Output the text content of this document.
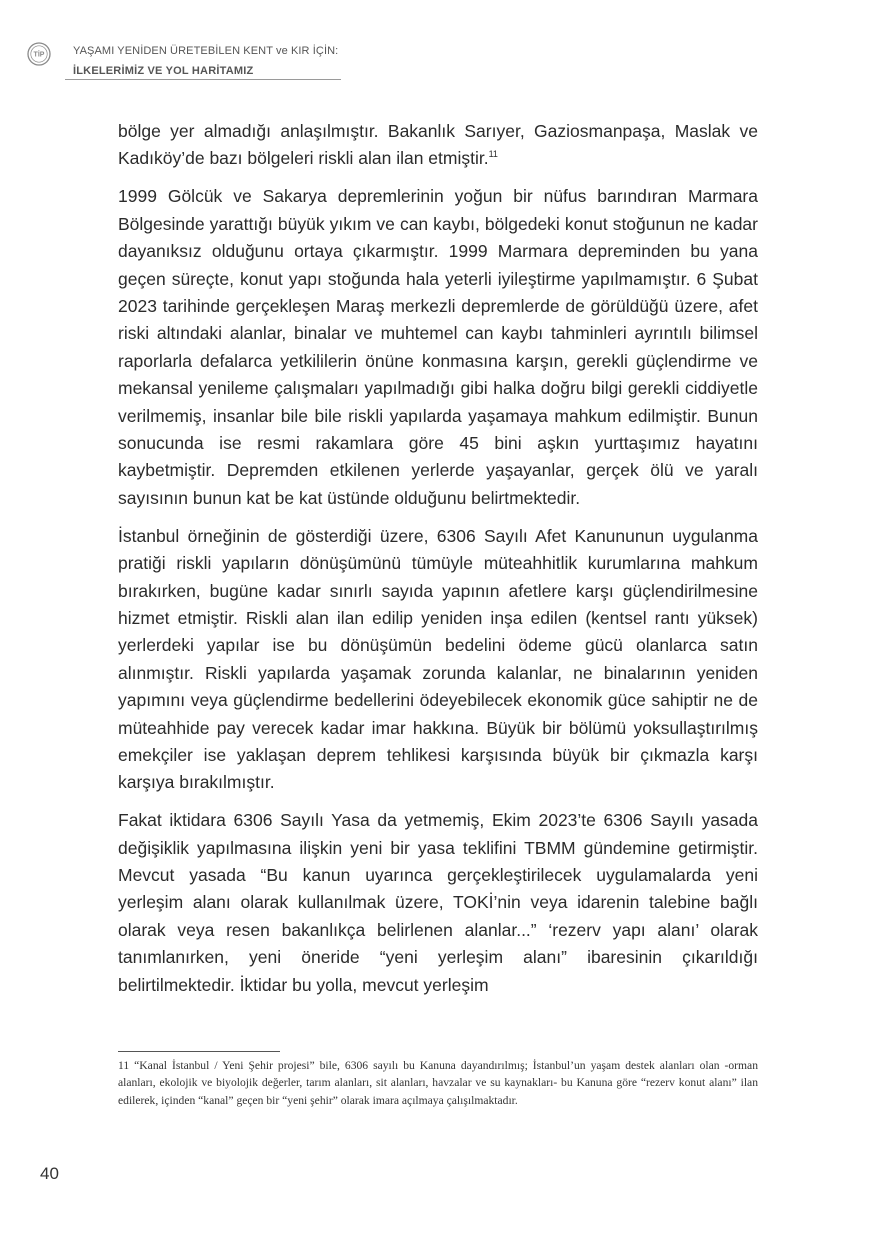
TİP	YAŞAMI YENİDEN ÜRETEBİLEN KENT ve KIR İÇİN:
İLKELERİMİZ VE YOL HARİTAMIZ

bölge yer almadığı anlaşılmıştır. Bakanlık Sarıyer, Gaziosmanpaşa, Maslak ve Kadıköy’de bazı bölgeleri riskli alan ilan etmiştir.$^{11}$

1999 Gölcük ve Sakarya depremlerinin yoğun bir nüfus barındıran Marmara Bölgesinde yarattığı büyük yıkım ve can kaybı, bölgedeki konut stoğunun ne kadar dayanıksız olduğunu ortaya çıkarmıştır. 1999 Marmara depreminden bu yana geçen süreçte, konut yapı stoğunda hala yeterli iyileştirme yapılmamıştır. 6 Şubat 2023 tarihinde gerçekleşen Maraş merkezli depremlerde de görüldüğü üzere, afet riski altındaki alanlar, binalar ve muhtemel can kaybı tahminleri ayrıntılı bilimsel raporlarla defalarca yetkililerin önüne konmasına karşın, gerekli güçlendirme ve mekansal yenileme çalışmaları yapılmadığı gibi halka doğru bilgi gerekli ciddiyetle verilmemiş, insanlar bile bile riskli yapılarda yaşamaya mahkum edilmiştir. Bunun sonucunda ise resmi rakamlara göre 45 bini aşkın yurttaşımız hayatını kaybetmiştir. Depremden etkilenen yerlerde yaşayanlar, gerçek ölü ve yaralı sayısının bunun kat be kat üstünde olduğunu belirtmektedir.

İstanbul örneğinin de gösterdiği üzere, 6306 Sayılı Afet Kanununun uygulanma pratiği riskli yapıların dönüşümünü tümüyle müteahhitlik kurumlarına mahkum bırakırken, bugüne kadar sınırlı sayıda yapının afetlere karşı güçlendirilmesine hizmet etmiştir. Riskli alan ilan edilip yeniden inşa edilen (kentsel rantı yüksek) yerlerdeki yapılar ise bu dönüşümün bedelini ödeme gücü olanlarca satın alınmıştır. Riskli yapılarda yaşamak zorunda kalanlar, ne binalarının yeniden yapımını veya güçlendirme bedellerini ödeyebilecek ekonomik güce sahiptir ne de müteahhide pay verecek kadar imar hakkına. Büyük bir bölümü yoksullaştırılmış emekçiler ise yaklaşan deprem tehlikesi karşısında büyük bir çıkmazla karşı karşıya bırakılmıştır.

Fakat iktidara 6306 Sayılı Yasa da yetmemiş, Ekim 2023’te 6306 Sayılı yasada değişiklik yapılmasına ilişkin yeni bir yasa teklifini TBMM gündemine getirmiştir. Mevcut yasada “Bu kanun uyarınca gerçekleştirilecek uygulamalarda yeni yerleşim alanı olarak kullanılmak üzere, TOKİ’nin veya idarenin talebine bağlı olarak veya resen bakanlıkça belirlenen alanlar...” ‘rezerv yapı alanı’ olarak tanımlanırken, yeni öneride “yeni yerleşim alanı” ibaresinin çıkarıldığı belirtilmektedir. İktidar bu yolla, mevcut yerleşim

11 “Kanal İstanbul / Yeni Şehir projesi” bile, 6306 sayılı bu Kanuna dayandırılmış; İstanbul’un yaşam destek alanları olan -orman alanları, ekolojik ve biyolojik değerler, tarım alanları, sit alanları, havzalar ve su kaynakları- bu Kanuna göre “rezerv konut alanı” ilan edilerek, içinden “kanal” geçen bir “yeni şehir” olarak imara açılmaya çalışılmaktadır.

40
